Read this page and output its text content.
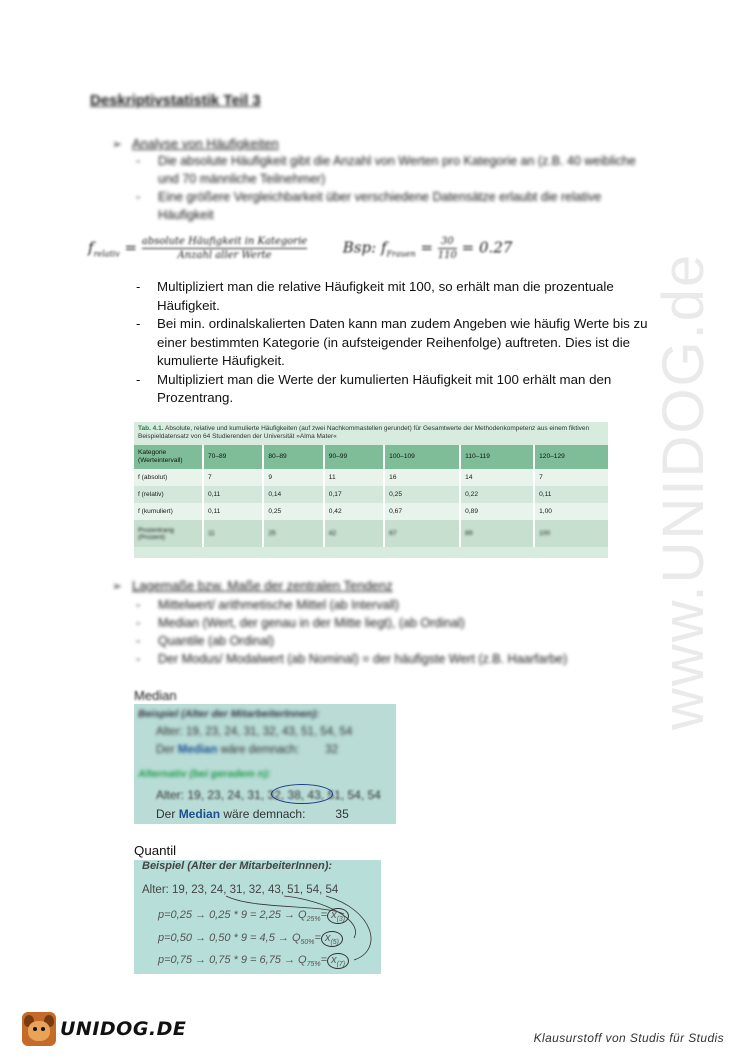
Deskriptivstatistik Teil 3
➢ Analyse von Häufigkeiten
-	Die absolute Häufigkeit gibt die Anzahl von Werten pro Kategorie an (z.B. 40 weibliche und 70 männliche Teilnehmer)
-	Eine größere Vergleichbarkeit über verschiedene Datensätze erlaubt die relative Häufigkeit
$f_{relativ} = \frac{\text{absolute Häufigkeit in Kategorie}}{\text{Anzahl aller Werte}}$ Bsp: $f_{Frauen} = \frac{30}{110} = 0.27$
-	Multipliziert man die relative Häufigkeit mit 100, so erhält man die prozentuale Häufigkeit.
-	Bei min. ordinalskalierten Daten kann man zudem Angeben wie häufig Werte bis zu einer bestimmten Kategorie (in aufsteigender Reihenfolge) auftreten. Dies ist die kumulierte Häufigkeit.
-	Multipliziert man die Werte der kumulierten Häufigkeit mit 100 erhält man den Prozentrang.
Tab. 4.1. Absolute, relative und kumulierte Häufigkeiten (auf zwei Nachkommastellen gerundet) für Gesamtwerte der Methodenkompetenz aus einem fiktiven Beispieldatensatz von 64 Studierenden der Universität »Alma Mater«
Kategorie (Werteintervall)	70–89	80–89	90–99	100–109	110–119	120–129
f (absolut)	7	9	11	16	14	7
f (relativ)	0,11	0,14	0,17	0,25	0,22	0,11
f (kumuliert)	0,11	0,25	0,42	0,67	0,89	1,00
Prozentrang (Prozent)	11	25	42	67	89	100
➢ Lagemaße bzw. Maße der zentralen Tendenz
-	Mittelwert/ arithmetische Mittel (ab Intervall)
-	Median (Wert, der genau in der Mitte liegt), (ab Ordinal)
-	Quantile (ab Ordinal)
-	Der Modus/ Modalwert (ab Nominal) = der häufigste Wert (z.B. Haarfarbe)
Median
Beispiel (Alter der MitarbeiterInnen):
Alter: 19, 23, 24, 31, 32, 43, 51, 54, 54
Der Median wäre demnach: 32
Alternativ (bei geradem n):
Alter: 19, 23, 24, 31, 32, 38, 43, 51, 54, 54
Der Median wäre demnach:	35
Quantil
Beispiel (Alter der MitarbeiterInnen):
Alter: 19, 23, 24, 31, 32, 43, 51, 54, 54
$p=0,25 \to 0,25 * 9 = 2,25 \to Q_{25\%}= x_{(3)}$
$p=0,50 \to 0,50 * 9 = 4,5 \to Q_{50\%}= x_{(5)}$
$p=0,75 \to 0,75 * 9 = 6,75 \to Q_{75\%}= x_{(7)}$
www.UNIDOG.de
UNIDOG.DE	Klausurstoff von Studis für Studis
